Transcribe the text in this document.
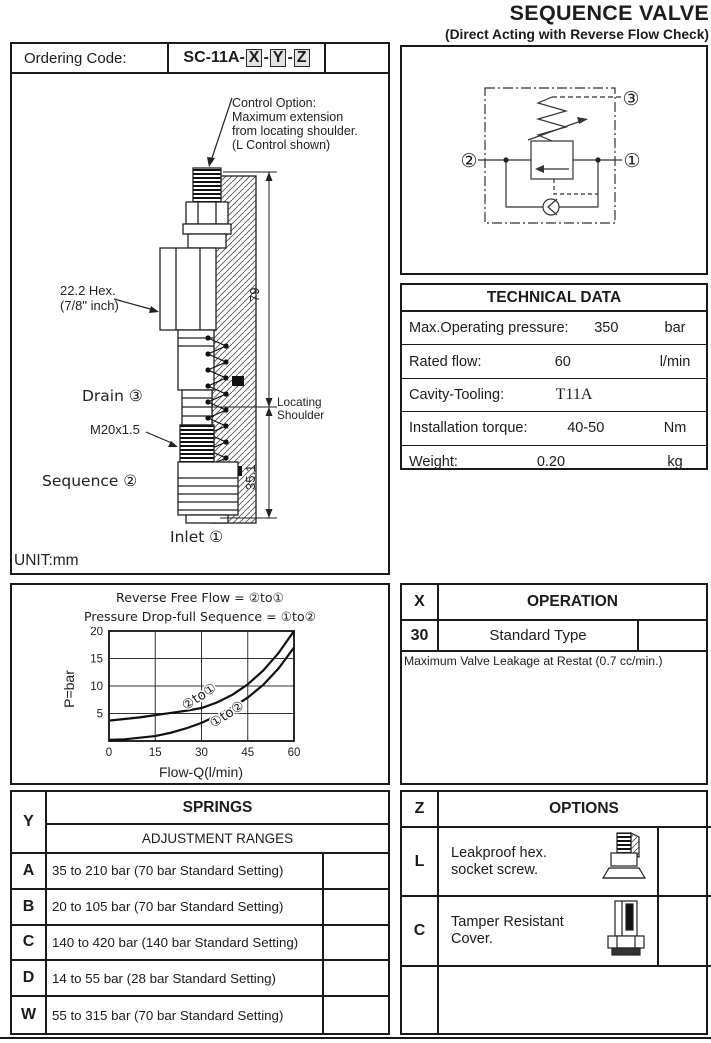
SEQUENCE VALVE
(Direct Acting with Reverse Flow Check)
Ordering Code:	SC-11A- X - Y - Z
Control Option:
Maximum extension
from locating shoulder.
(L Control shown)
22.2 Hex.
(7/8" inch)
Drain ③
M20x1.5
Sequence ②
Inlet ①
Locating
Shoulder
79
35.1
UNIT:mm
②	①
③
TECHNICAL DATA
Max.Operating pressure:	350	bar
Rated flow:	60	l/min
Cavity-Tooling:	T11A
Installation torque:	40-50	Nm
Weight:	0.20	kg
Reverse Free Flow = ②to①
Pressure Drop-full Sequence = ①to②
P=bar
Flow-Q(l/min)
0	15	30	45	60
5
10
15
20
②to①
①to②
X	OPERATION
30	Standard Type
Maximum Valve Leakage at Restat (0.7 cc/min.)
Y
SPRINGS
ADJUSTMENT RANGES
A	35 to 210 bar (70 bar Standard Setting)
B	20 to 105 bar (70 bar Standard Setting)
C	140 to 420 bar (140 bar Standard Setting)
D	14 to 55 bar (28 bar Standard Setting)
W	55 to 315 bar (70 bar Standard Setting)
Z	OPTIONS
L	Leakproof hex. socket screw.
C	Tamper Resistant Cover.
